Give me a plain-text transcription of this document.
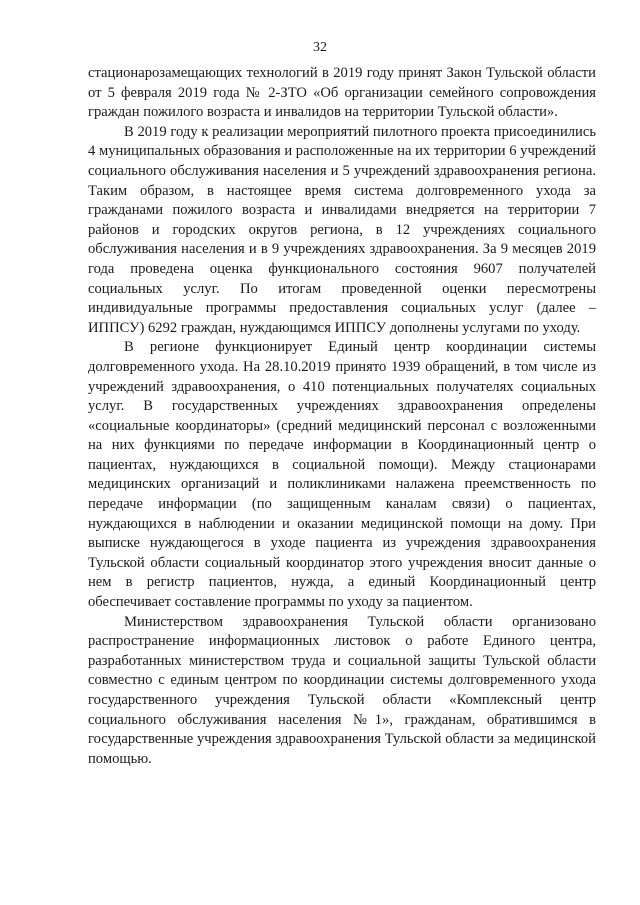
32

стационарозамещающих технологий в 2019 году принят Закон Тульской области от 5 февраля 2019 года № 2-ЗТО «Об организации семейного сопровождения граждан пожилого возраста и инвалидов на территории Тульской области».

В 2019 году к реализации мероприятий пилотного проекта присоединились 4 муниципальных образования и расположенные на их территории 6 учреждений социального обслуживания населения и 5 учреждений здравоохранения региона. Таким образом, в настоящее время система долговременного ухода за гражданами пожилого возраста и инвалидами внедряется на территории 7 районов и городских округов региона, в 12 учреждениях социального обслуживания населения и в 9 учреждениях здравоохранения. За 9 месяцев 2019 года проведена оценка функционального состояния 9607 получателей социальных услуг. По итогам проведенной оценки пересмотрены индивидуальные программы предоставления социальных услуг (далее – ИППСУ) 6292 граждан, нуждающимся ИППСУ дополнены услугами по уходу.

В регионе функционирует Единый центр координации системы долговременного ухода. На 28.10.2019 принято 1939 обращений, в том числе из учреждений здравоохранения, о 410 потенциальных получателях социальных услуг. В государственных учреждениях здравоохранения определены «социальные координаторы» (средний медицинский персонал с возложенными на них функциями по передаче информации в Координационный центр о пациентах, нуждающихся в социальной помощи). Между стационарами медицинских организаций и поликлиниками налажена преемственность по передаче информации (по защищенным каналам связи) о пациентах, нуждающихся в наблюдении и оказании медицинской помощи на дому. При выписке нуждающегося в уходе пациента из учреждения здравоохранения Тульской области социальный координатор этого учреждения вносит данные о нем в регистр пациентов, нужда, а единый Координационный центр обеспечивает составление программы по уходу за пациентом.

Министерством здравоохранения Тульской области организовано распространение информационных листовок о работе Единого центра, разработанных министерством труда и социальной защиты Тульской области совместно с единым центром по координации системы долговременного ухода государственного учреждения Тульской области «Комплексный центр социального обслуживания населения №1», гражданам, обратившимся в государственные учреждения здравоохранения Тульской области за медицинской помощью.
